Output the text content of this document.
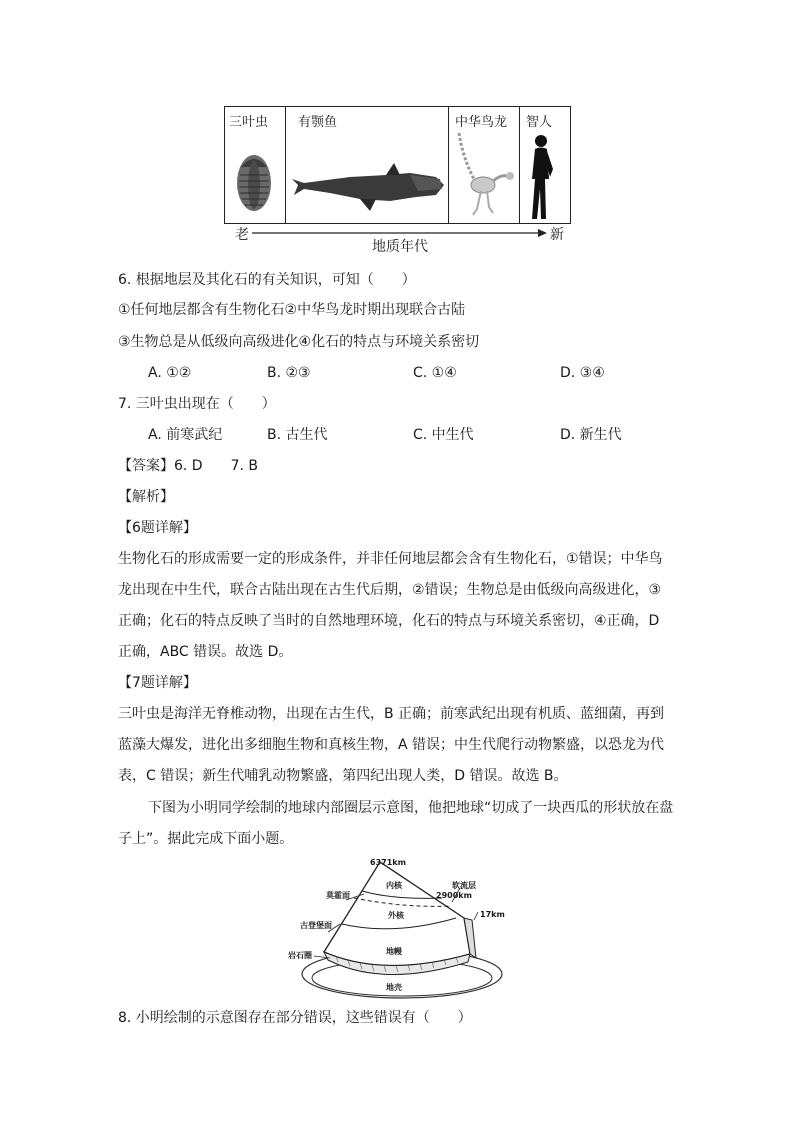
三叶虫 有颚鱼	中华鸟龙 智人
老	新
地质年代
6. 根据地层及其化石的有关知识，可知（　　）
①任何地层都含有生物化石②中华鸟龙时期出现联合古陆
③生物总是从低级向高级进化④化石的特点与环境关系密切
A. ①②	B. ②③	C. ①④	D. ③④
7. 三叶虫出现在（　　）
A. 前寒武纪	B. 古生代	C. 中生代	D. 新生代
【答案】6. D　　7. B
【解析】
【6题详解】
生物化石的形成需要一定的形成条件，并非任何地层都会含有生物化石，①错误；中华鸟
龙出现在中生代，联合古陆出现在古生代后期，②错误；生物总是由低级向高级进化，③
正确；化石的特点反映了当时的自然地理环境，化石的特点与环境关系密切，④正确，D
正确，ABC 错误。故选 D。
【7题详解】
三叶虫是海洋无脊椎动物，出现在古生代，B 正确；前寒武纪出现有机质、蓝细菌，再到
蓝藻大爆发，进化出多细胞生物和真核生物，A 错误；中生代爬行动物繁盛，以恐龙为代
表，C 错误；新生代哺乳动物繁盛，第四纪出现人类，D 错误。故选 B。
下图为小明同学绘制的地球内部圈层示意图，他把地球“切成了一块西瓜的形状放在盘
子上”。据此完成下面小题。
6371km
内核	软流层
莫霍面	2900km
外核	17km
古登堡面
地幔
岩石圈
地壳
8. 小明绘制的示意图存在部分错误，这些错误有（　　）
